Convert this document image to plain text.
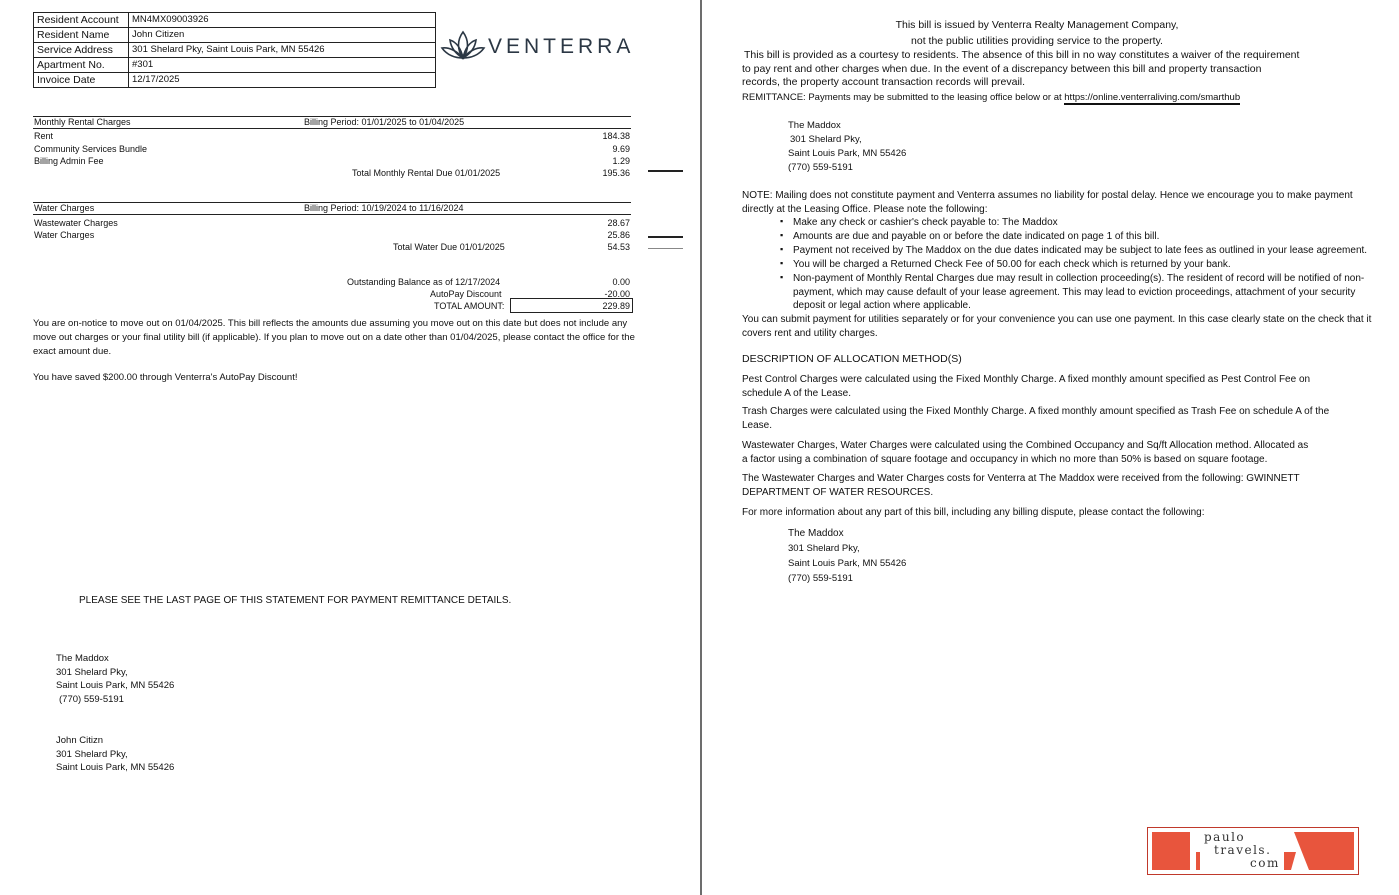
Resident Account	MN4MX09003926
Resident Name	John Citizen
Service Address	301 Shelard Pky, Saint Louis Park, MN 55426
Apartment No.	#301
Invoice Date	12/17/2025
VENTERRA
Monthly Rental Charges	Billing Period: 01/01/2025 to 01/04/2025
Rent	184.38
Community Services Bundle	9.69
Billing Admin Fee	1.29
Total Monthly Rental Due 01/01/2025	195.36
Water Charges	Billing Period: 10/19/2024 to 11/16/2024
Wastewater Charges	28.67
Water Charges	25.86
Total Water Due 01/01/2025	54.53
Outstanding Balance as of 12/17/2024	0.00
AutoPay Discount	-20.00
TOTAL AMOUNT:	229.89
You are on-notice to move out on 01/04/2025. This bill reflects the amounts due assuming you move out on this date but does not include any
move out charges or your final utility bill (if applicable). If you plan to move out on a date other than 01/04/2025, please contact the office for the
exact amount due.
You have saved $200.00 through Venterra's AutoPay Discount!
PLEASE SEE THE LAST PAGE OF THIS STATEMENT FOR PAYMENT REMITTANCE DETAILS.
The Maddox
301 Shelard Pky,
Saint Louis Park, MN 55426
(770) 559-5191
John Citizn
301 Shelard Pky,
Saint Louis Park, MN 55426
This bill is issued by Venterra Realty Management Company,
not the public utilities providing service to the property.
This bill is provided as a courtesy to residents. The absence of this bill in no way constitutes a waiver of the requirement
to pay rent and other charges when due. In the event of a discrepancy between this bill and property transaction
records, the property account transaction records will prevail.
REMITTANCE: Payments may be submitted to the leasing office below or at https://online.venterraliving.com/smarthub
The Maddox
301 Shelard Pky,
Saint Louis Park, MN 55426
(770) 559-5191
NOTE: Mailing does not constitute payment and Venterra assumes no liability for postal delay. Hence we encourage you to make payment
directly at the Leasing Office. Please note the following:
▪ Make any check or cashier's check payable to: The Maddox
▪ Amounts are due and payable on or before the date indicated on page 1 of this bill.
▪ Payment not received by The Maddox on the due dates indicated may be subject to late fees as outlined in your lease agreement.
▪ You will be charged a Returned Check Fee of 50.00 for each check which is returned by your bank.
▪ Non-payment of Monthly Rental Charges due may result in collection proceeding(s). The resident of record will be notified of non-
payment, which may cause default of your lease agreement. This may lead to eviction proceedings, attachment of your security
deposit or legal action where applicable.
You can submit payment for utilities separately or for your convenience you can use one payment. In this case clearly state on the check that it
covers rent and utility charges.
DESCRIPTION OF ALLOCATION METHOD(S)
Pest Control Charges were calculated using the Fixed Monthly Charge. A fixed monthly amount specified as Pest Control Fee on
schedule A of the Lease.
Trash Charges were calculated using the Fixed Monthly Charge. A fixed monthly amount specified as Trash Fee on schedule A of the
Lease.
Wastewater Charges, Water Charges were calculated using the Combined Occupancy and Sq/ft Allocation method. Allocated as
a factor using a combination of square footage and occupancy in which no more than 50% is based on square footage.
The Wastewater Charges and Water Charges costs for Venterra at The Maddox were received from the following: GWINNETT
DEPARTMENT OF WATER RESOURCES.
For more information about any part of this bill, including any billing dispute, please contact the following:
The Maddox
301 Shelard Pky,
Saint Louis Park, MN 55426
(770) 559-5191
paulo
travels.
com
